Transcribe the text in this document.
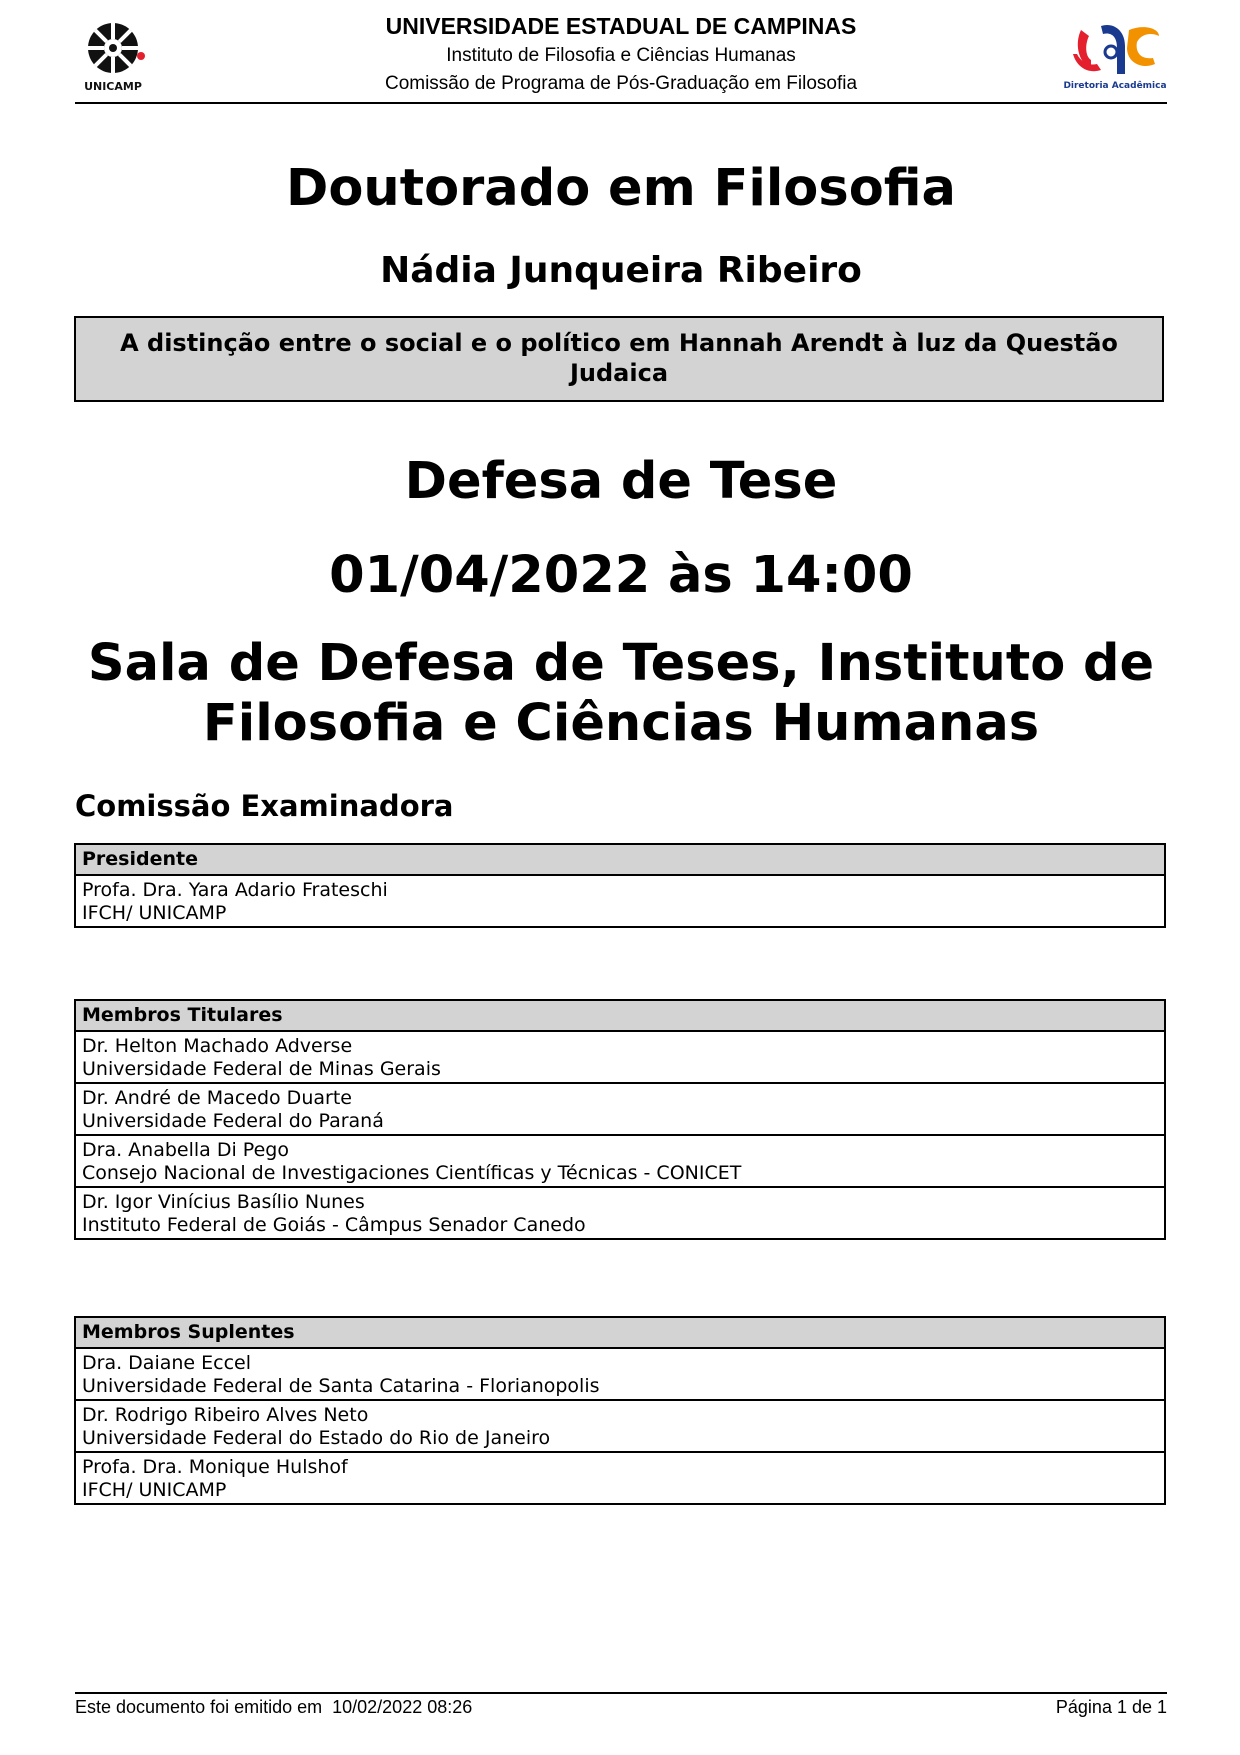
UNICAMP
UNIVERSIDADE ESTADUAL DE CAMPINAS
Instituto de Filosofia e Ciências Humanas
Comissão de Programa de Pós-Graduação em Filosofia	Diretoria Acadêmica
Doutorado em Filosofia
Nádia Junqueira Ribeiro
A distinção entre o social e o político em Hannah Arendt à luz da Questão Judaica
Defesa de Tese
01/04/2022 às 14:00
Sala de Defesa de Teses, Instituto de Filosofia e Ciências Humanas
Comissão Examinadora
Presidente
Profa. Dra. Yara Adario Frateschi
IFCH/ UNICAMP
Membros Titulares
Dr. Helton Machado Adverse
Universidade Federal de Minas Gerais
Dr. André de Macedo Duarte
Universidade Federal do Paraná
Dra. Anabella Di Pego
Consejo Nacional de Investigaciones Científicas y Técnicas - CONICET
Dr. Igor Vinícius Basílio Nunes
Instituto Federal de Goiás - Câmpus Senador Canedo
Membros Suplentes
Dra. Daiane Eccel
Universidade Federal de Santa Catarina - Florianopolis
Dr. Rodrigo Ribeiro Alves Neto
Universidade Federal do Estado do Rio de Janeiro
Profa. Dra. Monique Hulshof
IFCH/ UNICAMP
Este documento foi emitido em  10/02/2022 08:26	Página 1 de 1
